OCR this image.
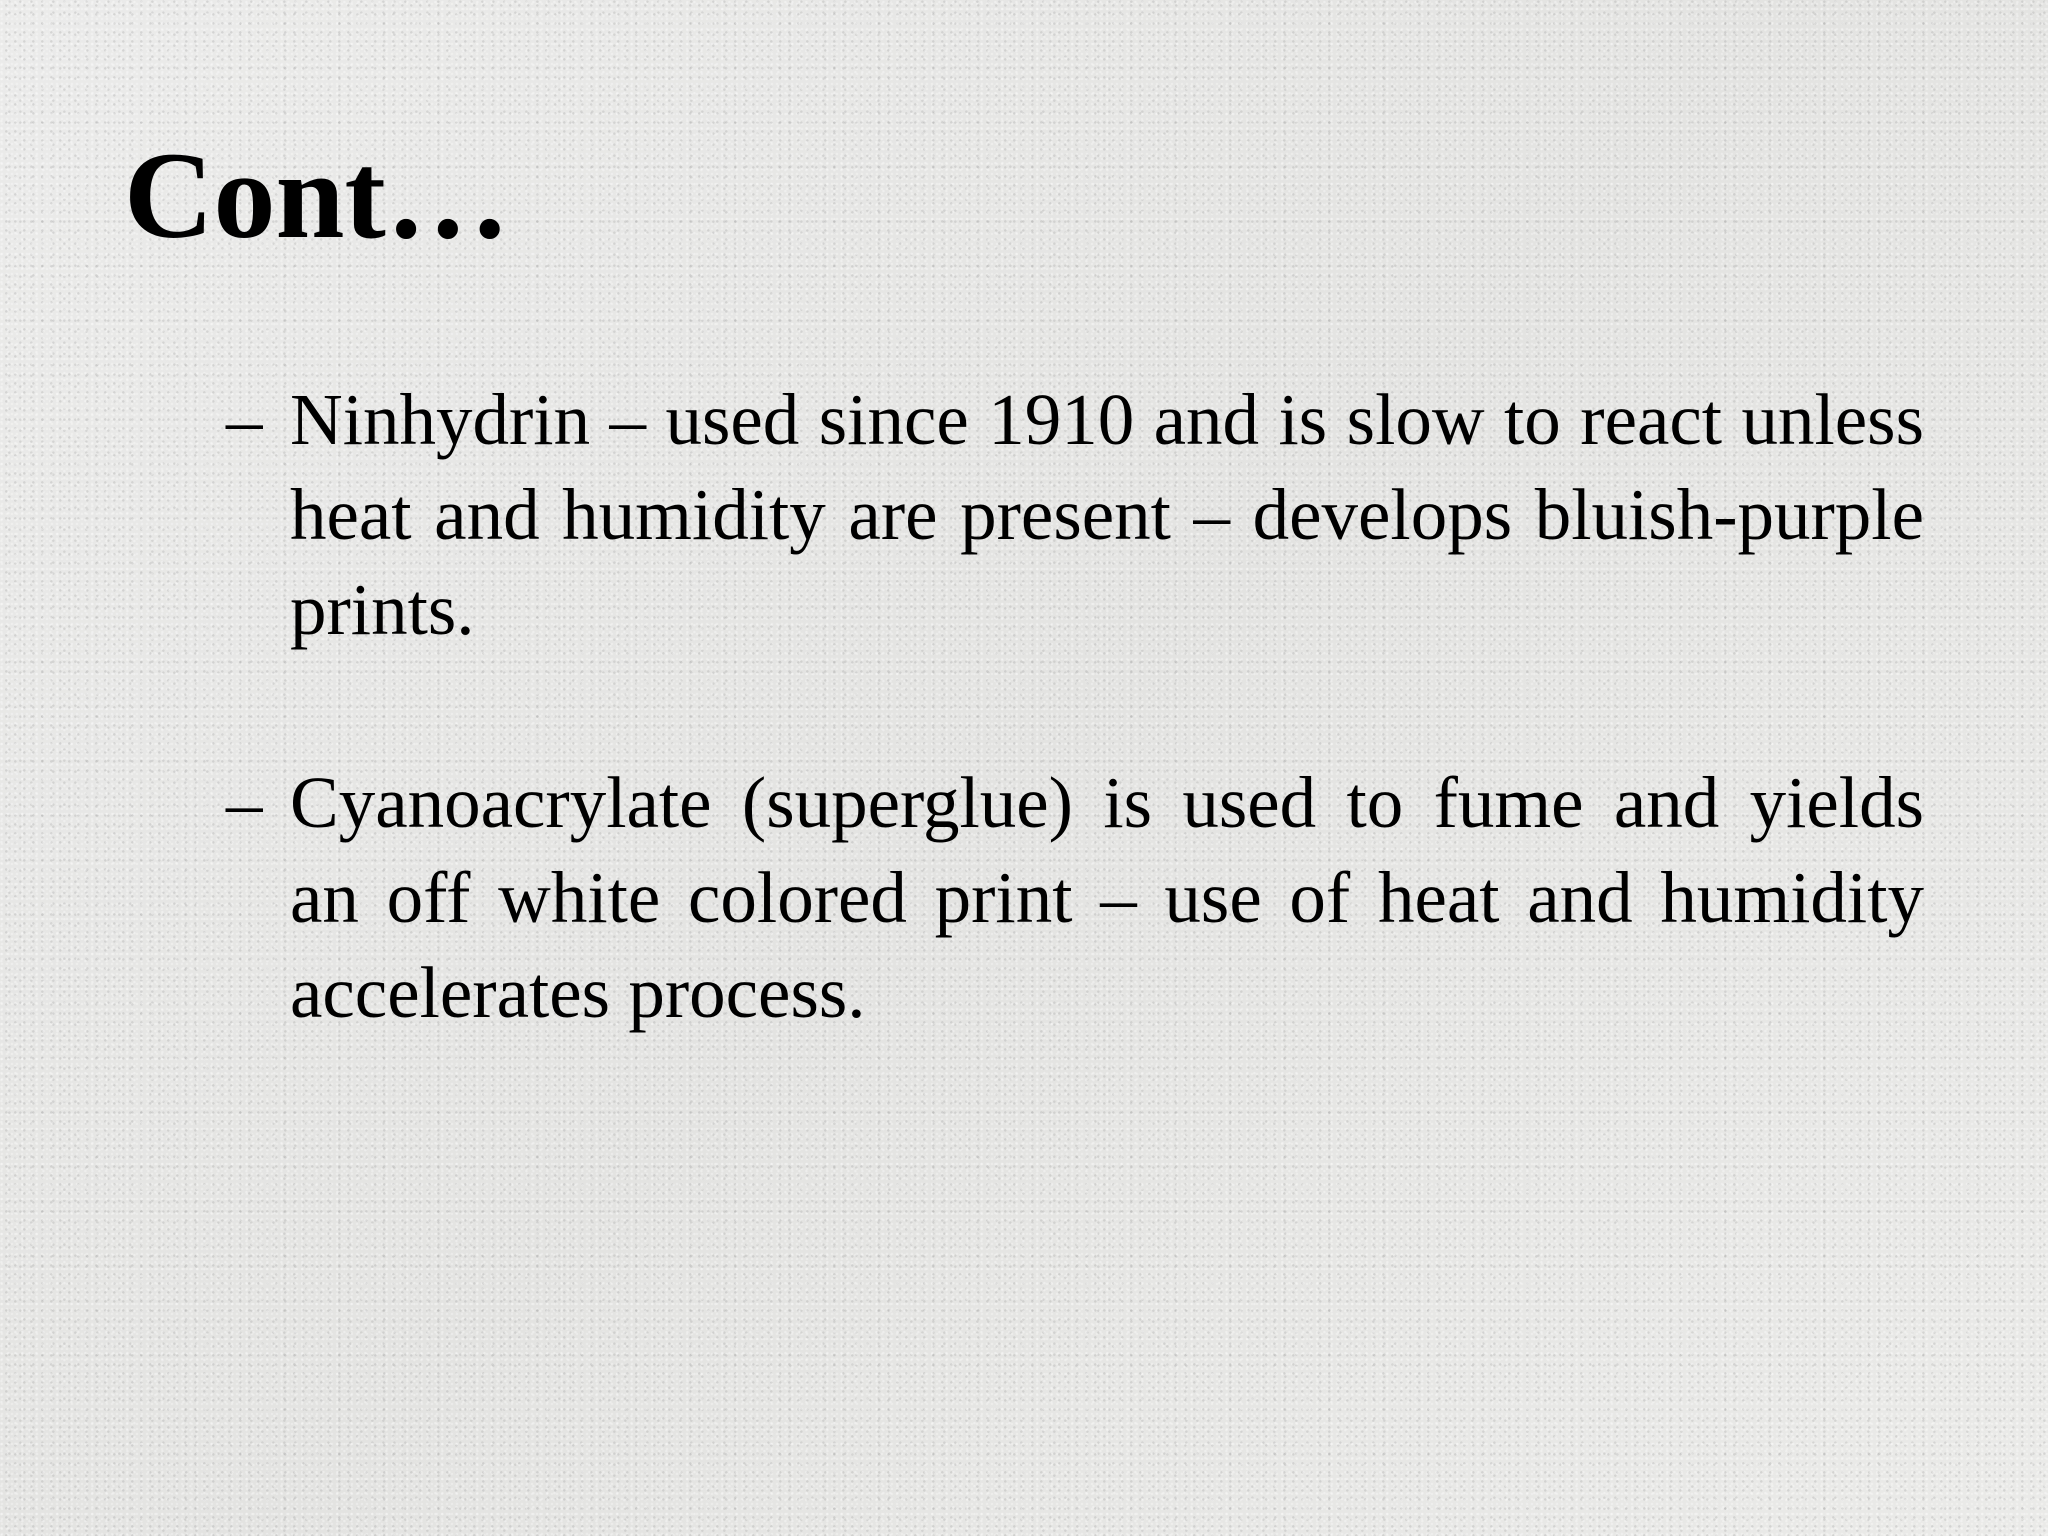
Cont…
– Ninhydrin – used since 1910 and is slow to react unless heat and humidity are present – develops bluish-purple prints.
– Cyanoacrylate (superglue) is used to fume and yields an off white colored print – use of heat and humidity accelerates process.
